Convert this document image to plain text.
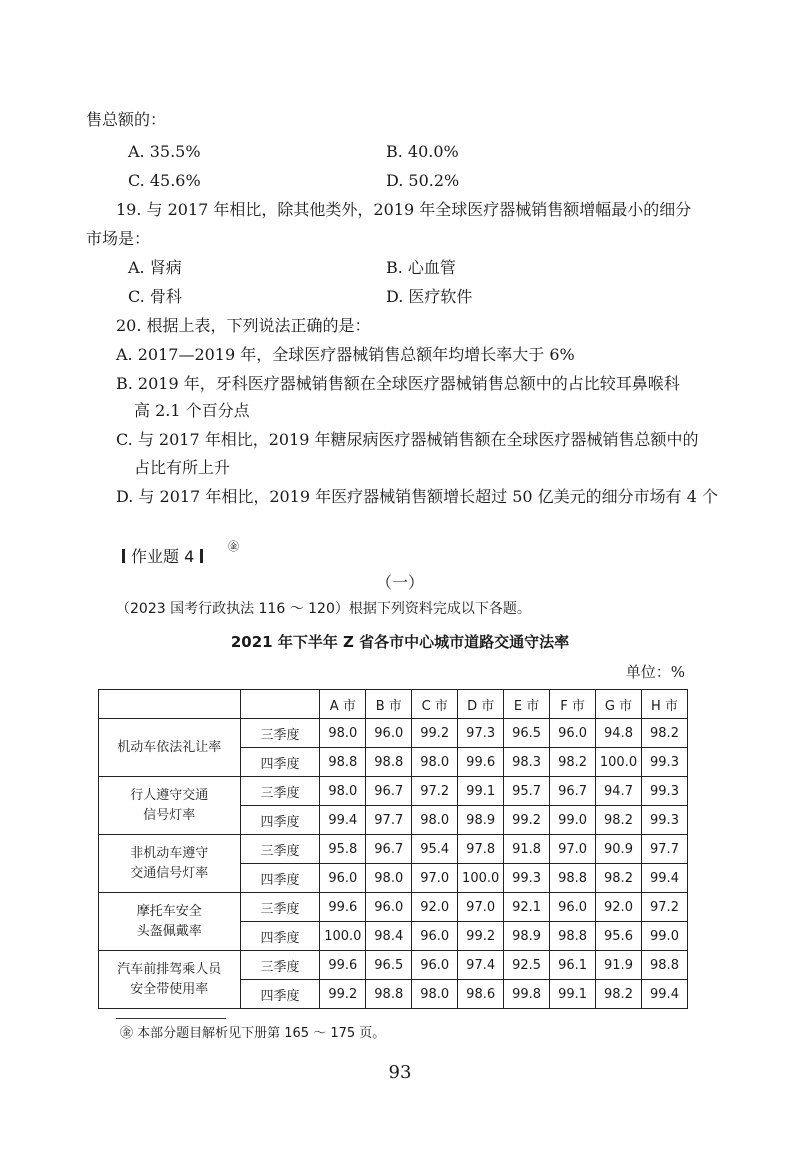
售总额的：
A. 35.5%	B. 40.0%
C. 45.6%	D. 50.2%
19. 与 2017 年相比，除其他类外，2019 年全球医疗器械销售额增幅最小的细分
市场是：
A. 肾病	B. 心血管
C. 骨科	D. 医疗软件
20. 根据上表，下列说法正确的是：
A. 2017—2019 年，全球医疗器械销售总额年均增长率大于 6%
B. 2019 年，牙科医疗器械销售额在全球医疗器械销售总额中的占比较耳鼻喉科
高 2.1 个百分点
C. 与 2017 年相比，2019 年糖尿病医疗器械销售额在全球医疗器械销售总额中的
占比有所上升
D. 与 2017 年相比，2019 年医疗器械销售额增长超过 50 亿美元的细分市场有 4 个
作业题 4
㊎
（一）
（2023 国考行政执法 116 ～ 120）根据下列资料完成以下各题。
2021 年下半年 Z 省各市中心城市道路交通守法率
单位：%
		A 市	B 市	C 市	D 市	E 市	F 市	G 市	H 市

机动车依法礼让率	三季度	98.0	96.0	99.2	97.3	96.5	96.0	94.8	98.2
	四季度	98.8	98.8	98.0	99.6	98.3	98.2	100.0	99.3

行人遵守交通
信号灯率	三季度	98.0	96.7	97.2	99.1	95.7	96.7	94.7	99.3
	四季度	99.4	97.7	98.0	98.9	99.2	99.0	98.2	99.3

非机动车遵守
交通信号灯率	三季度	95.8	96.7	95.4	97.8	91.8	97.0	90.9	97.7
	四季度	96.0	98.0	97.0	100.0	99.3	98.8	98.2	99.4

摩托车安全
头盔佩戴率	三季度	99.6	96.0	92.0	97.0	92.1	96.0	92.0	97.2
	四季度	100.0	98.4	96.0	99.2	98.9	98.8	95.6	99.0

汽车前排驾乘人员
安全带使用率	三季度	99.6	96.5	96.0	97.4	92.5	96.1	91.9	98.8
	四季度	99.2	98.8	98.0	98.6	99.8	99.1	98.2	99.4
㊎ 本部分题目解析见下册第 165 ～ 175 页。
93
